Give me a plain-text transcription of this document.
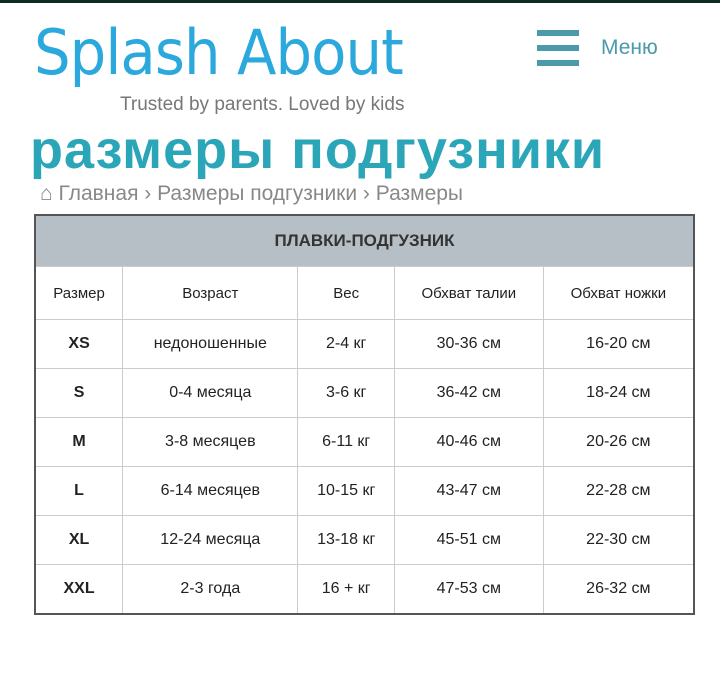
Splash About
Trusted by parents. Loved by kids
Меню
размеры подгузники
⌂ Главная › Размеры подгузники › Размеры
ПЛАВКИ-ПОДГУЗНИК				
Размер	Возраст	Вес	Обхват талии	Обхват ножки
XS	недоношенные	2-4 кг	30-36 см	16-20 см
S	0-4 месяца	3-6 кг	36-42 см	18-24 см
M	3-8 месяцев	6-11 кг	40-46 см	20-26 см
L	6-14 месяцев	10-15 кг	43-47 см	22-28 см
XL	12-24 месяца	13-18 кг	45-51 см	22-30 см
XXL	2-3 года	16 + кг	47-53 см	26-32 см
